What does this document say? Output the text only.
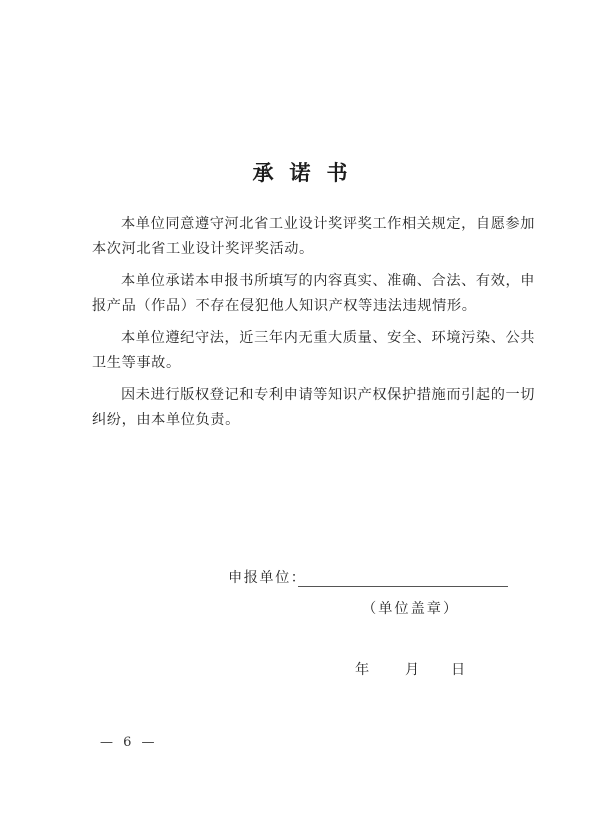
承诺书

本单位同意遵守河北省工业设计奖评奖工作相关规定，自愿参加本次河北省工业设计奖评奖活动。

本单位承诺本申报书所填写的内容真实、准确、合法、有效，申报产品（作品）不存在侵犯他人知识产权等违法违规情形。

本单位遵纪守法，近三年内无重大质量、安全、环境污染、公共卫生等事故。

因未进行版权登记和专利申请等知识产权保护措施而引起的一切纠纷，由本单位负责。

申报单位：
（单位盖章）
年	月 日
— 6 —
